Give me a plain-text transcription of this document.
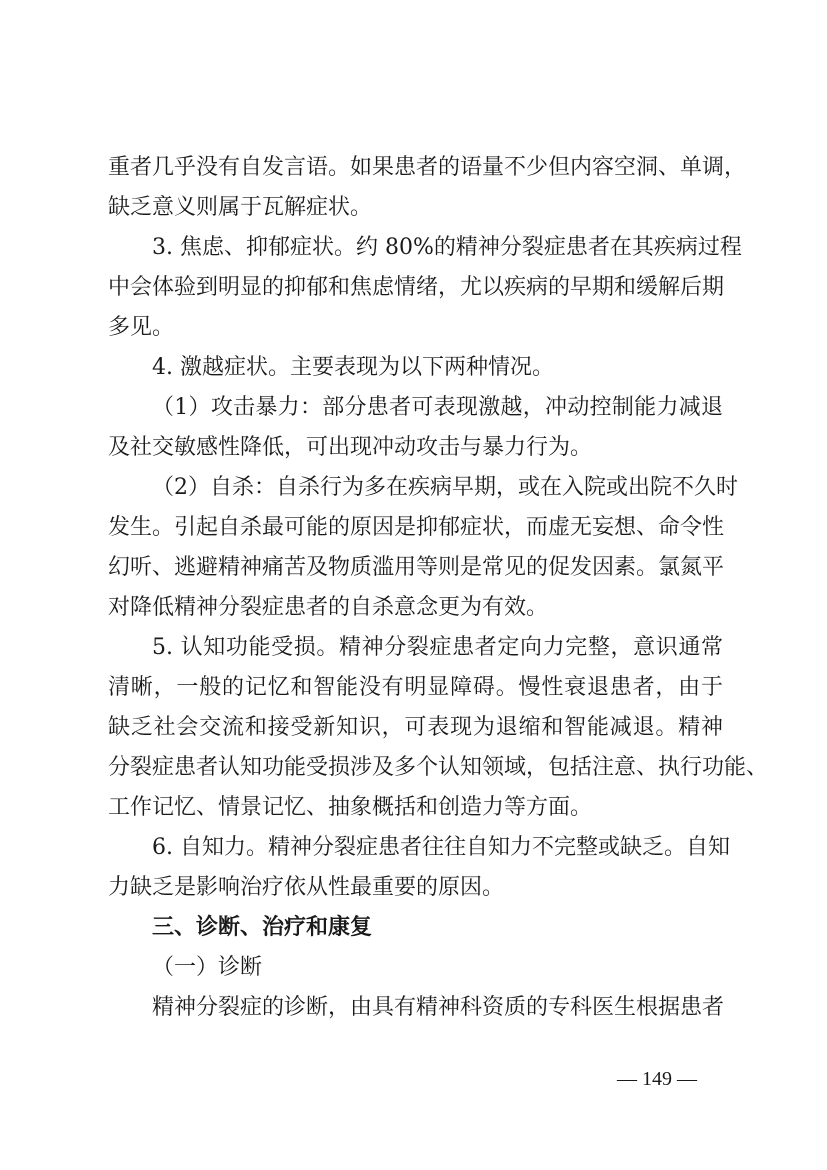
重者几乎没有自发言语。如果患者的语量不少但内容空洞、单调，
缺乏意义则属于瓦解症状。
3. 焦虑、抑郁症状。约 80%的精神分裂症患者在其疾病过程
中会体验到明显的抑郁和焦虑情绪，尤以疾病的早期和缓解后期
多见。
4. 激越症状。主要表现为以下两种情况。
（1）攻击暴力：部分患者可表现激越，冲动控制能力减退
及社交敏感性降低，可出现冲动攻击与暴力行为。
（2）自杀：自杀行为多在疾病早期，或在入院或出院不久时
发生。引起自杀最可能的原因是抑郁症状，而虚无妄想、命令性
幻听、逃避精神痛苦及物质滥用等则是常见的促发因素。氯氮平
对降低精神分裂症患者的自杀意念更为有效。
5. 认知功能受损。精神分裂症患者定向力完整，意识通常
清晰，一般的记忆和智能没有明显障碍。慢性衰退患者，由于
缺乏社会交流和接受新知识，可表现为退缩和智能减退。精神
分裂症患者认知功能受损涉及多个认知领域，包括注意、执行功能、
工作记忆、情景记忆、抽象概括和创造力等方面。
6. 自知力。精神分裂症患者往往自知力不完整或缺乏。自知
力缺乏是影响治疗依从性最重要的原因。
三、诊断、治疗和康复
（一）诊断
精神分裂症的诊断，由具有精神科资质的专科医生根据患者
— 149 —
